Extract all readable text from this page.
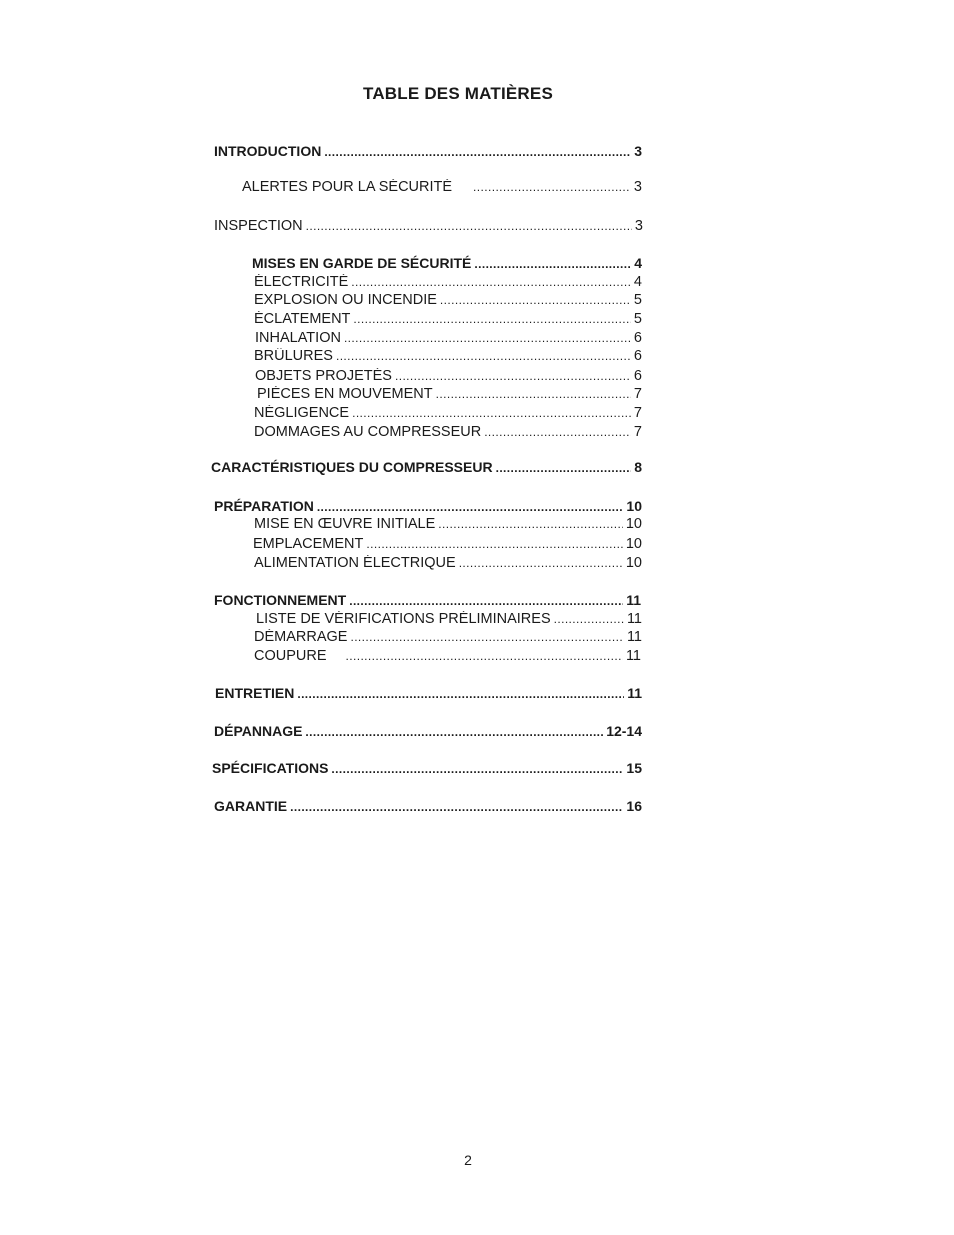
TABLE DES MATIÈRES
INTRODUCTION .....	3
ALERTES POUR LA SÉCURITÉ .....	3
INSPECTION .....	3
MISES EN GARDE DE SÉCURITÉ .....	4
ÉLECTRICITÉ .....	4
EXPLOSION OU INCENDIE .....	5
ÉCLATEMENT .....	5
INHALATION .....	6
BRÛLURES .....	6
OBJETS PROJETÉS .....	6
PIÈCES EN MOUVEMENT .....	7
NÉGLIGENCE .....	7
DOMMAGES AU COMPRESSEUR .....	7
CARACTÉRISTIQUES DU COMPRESSEUR .....	8
PRÉPARATION .....	10
MISE EN ŒUVRE INITIALE .....	10
EMPLACEMENT .....	10
ALIMENTATION ÉLECTRIQUE .....	10
FONCTIONNEMENT .....	11
LISTE DE VÉRIFICATIONS PRÉLIMINAIRES .....	11
DÉMARRAGE .....	11
COUPURE .....	11
ENTRETIEN .....	11
DÉPANNAGE .....	12-14
SPÉCIFICATIONS .....	15
GARANTIE .....	16
2
